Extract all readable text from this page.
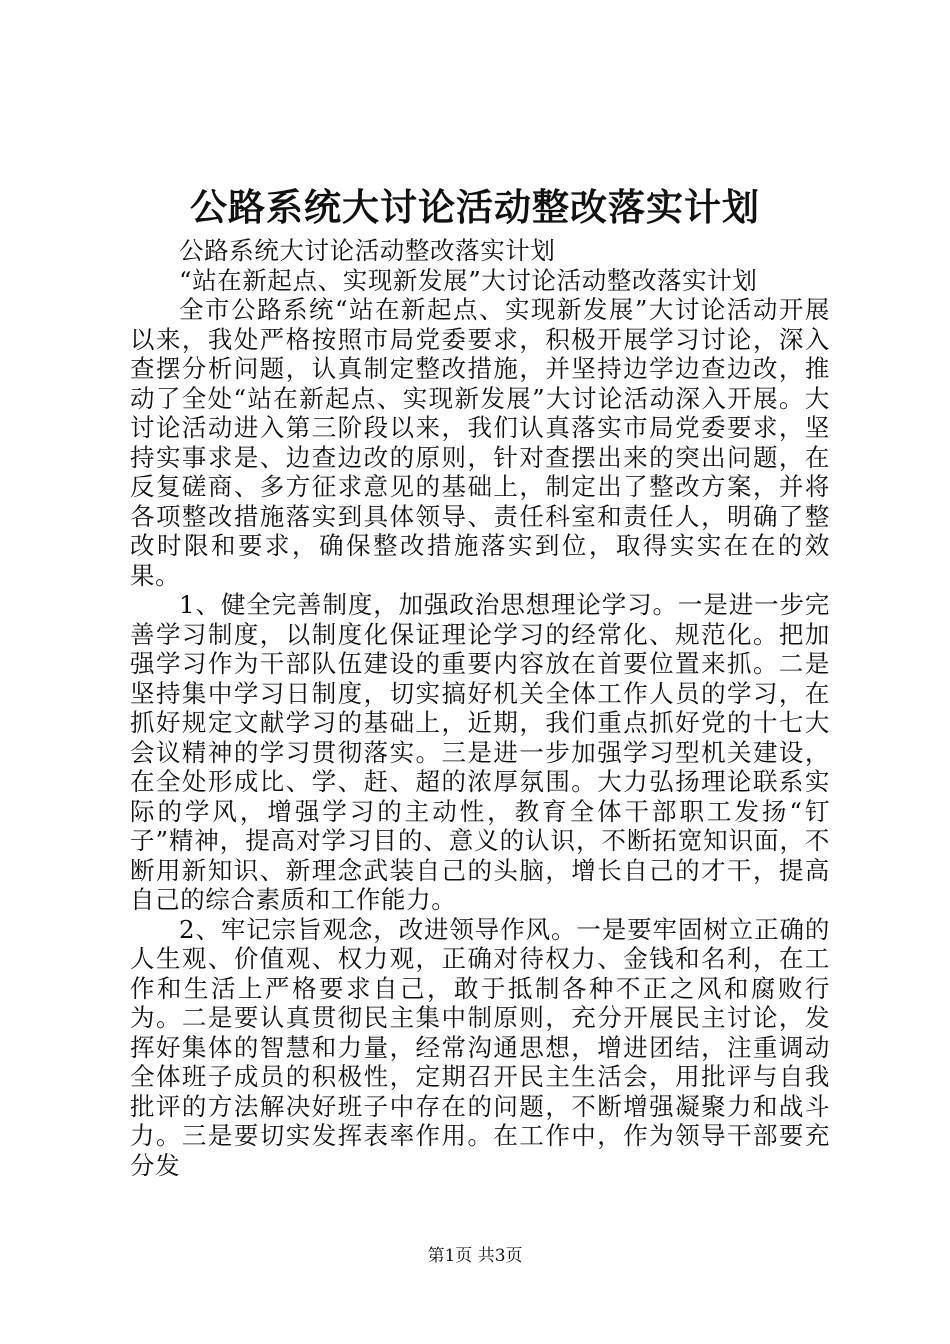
公路系统大讨论活动整改落实计划

公路系统大讨论活动整改落实计划

“站在新起点、实现新发展”大讨论活动整改落实计划

全市公路系统“站在新起点、实现新发展”大讨论活动开展以来，我处严格按照市局党委要求，积极开展学习讨论，深入查摆分析问题，认真制定整改措施，并坚持边学边查边改，推动了全处“站在新起点、实现新发展”大讨论活动深入开展。大讨论活动进入第三阶段以来，我们认真落实市局党委要求，坚持实事求是、边查边改的原则，针对查摆出来的突出问题，在反复磋商、多方征求意见的基础上，制定出了整改方案，并将各项整改措施落实到具体领导、责任科室和责任人，明确了整改时限和要求，确保整改措施落实到位，取得实实在在的效果。

1、健全完善制度，加强政治思想理论学习。一是进一步完善学习制度，以制度化保证理论学习的经常化、规范化。把加强学习作为干部队伍建设的重要内容放在首要位置来抓。二是坚持集中学习日制度，切实搞好机关全体工作人员的学习，在抓好规定文献学习的基础上，近期，我们重点抓好党的十七大会议精神的学习贯彻落实。三是进一步加强学习型机关建设，在全处形成比、学、赶、超的浓厚氛围。大力弘扬理论联系实际的学风，增强学习的主动性，教育全体干部职工发扬“钉子”精神，提高对学习目的、意义的认识，不断拓宽知识面，不断用新知识、新理念武装自己的头脑，增长自己的才干，提高自己的综合素质和工作能力。

2、牢记宗旨观念，改进领导作风。一是要牢固树立正确的人生观、价值观、权力观，正确对待权力、金钱和名利，在工作和生活上严格要求自己，敢于抵制各种不正之风和腐败行为。二是要认真贯彻民主集中制原则，充分开展民主讨论，发挥好集体的智慧和力量，经常沟通思想，增进团结，注重调动全体班子成员的积极性，定期召开民主生活会，用批评与自我批评的方法解决好班子中存在的问题，不断增强凝聚力和战斗力。三是要切实发挥表率作用。在工作中，作为领导干部要充分发

第1页 共3页
